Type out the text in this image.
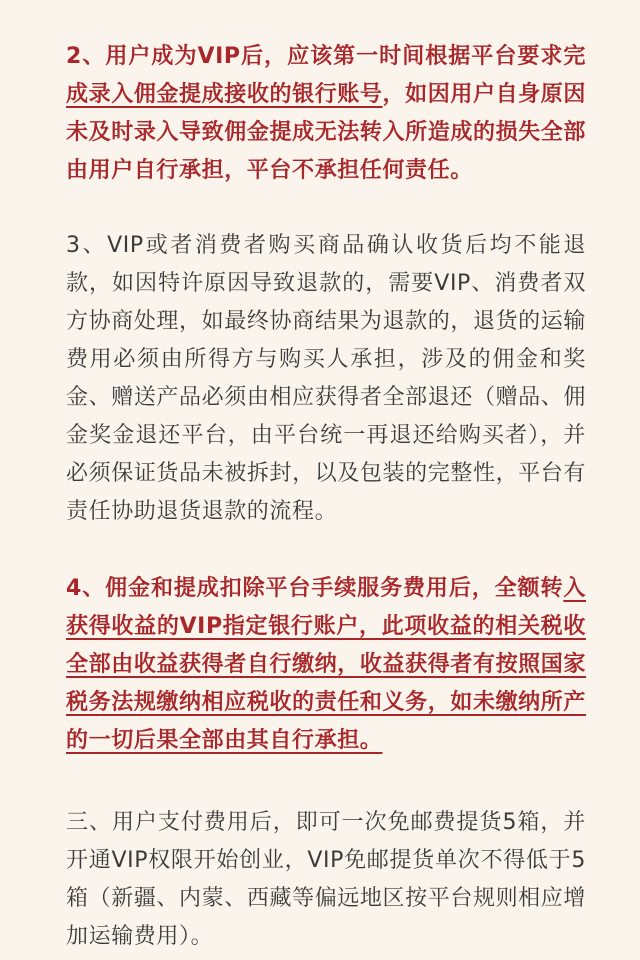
2、用户成为VIP后，应该第一时间根据平台要求完成录入佣金提成接收的银行账号，如因用户自身原因未及时录入导致佣金提成无法转入所造成的损失全部由用户自行承担，平台不承担任何责任。

3、VIP或者消费者购买商品确认收货后均不能退款，如因特许原因导致退款的，需要VIP、消费者双方协商处理，如最终协商结果为退款的，退货的运输费用必须由所得方与购买人承担，涉及的佣金和奖金、赠送产品必须由相应获得者全部退还（赠品、佣金奖金退还平台，由平台统一再退还给购买者），并必须保证货品未被拆封，以及包装的完整性，平台有责任协助退货退款的流程。

4、佣金和提成扣除平台手续服务费用后，全额转入获得收益的VIP指定银行账户，此项收益的相关税收全部由收益获得者自行缴纳，收益获得者有按照国家税务法规缴纳相应税收的责任和义务，如未缴纳所产的一切后果全部由其自行承担。

三、用户支付费用后，即可一次免邮费提货5箱，并开通VIP权限开始创业，VIP免邮提货单次不得低于5箱（新疆、内蒙、西藏等偏远地区按平台规则相应增加运输费用）。
